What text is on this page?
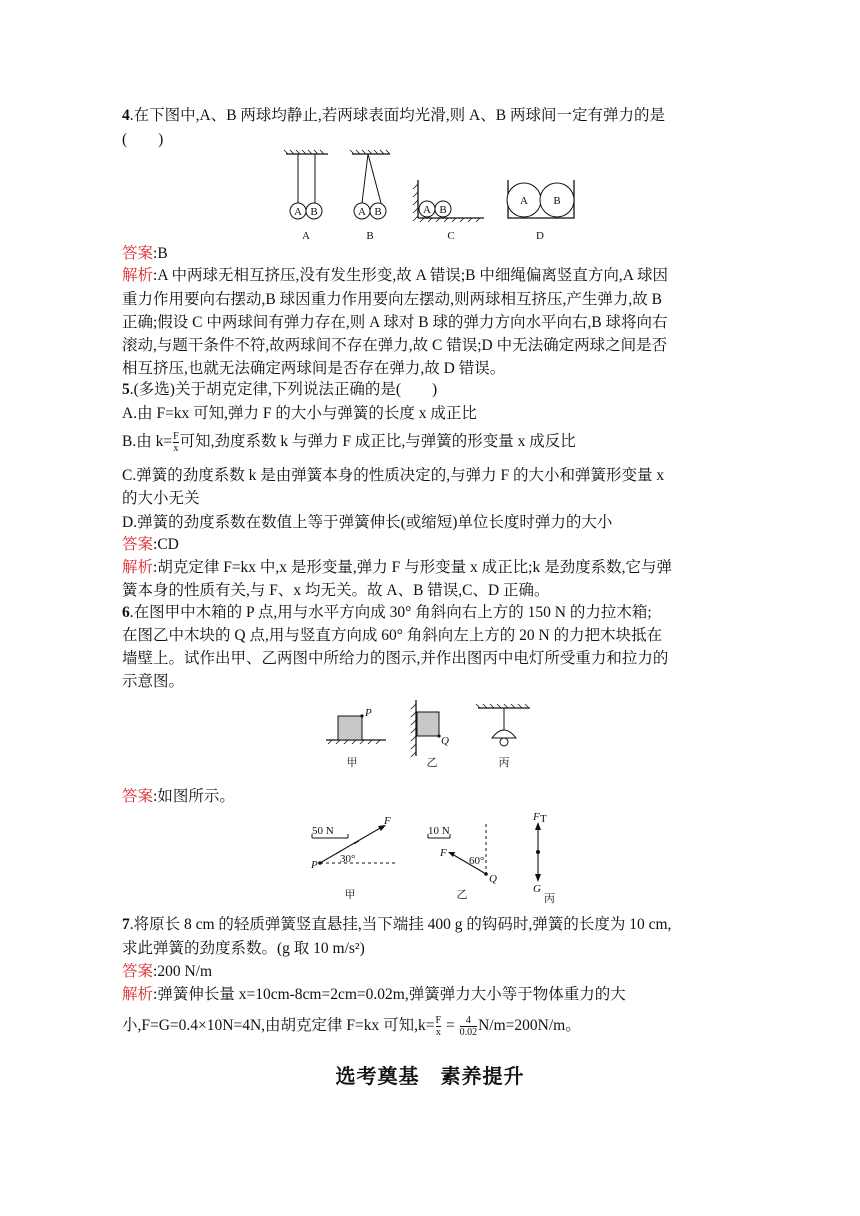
4.在下图中,A、B 两球均静止,若两球表面均光滑,则 A、B 两球间一定有弹力的是
(　　)
A B
A
A B
B
A B
C
A B
D
答案:B
解析:A 中两球无相互挤压,没有发生形变,故 A 错误;B 中细绳偏离竖直方向,A 球因
重力作用要向右摆动,B 球因重力作用要向左摆动,则两球相互挤压,产生弹力,故 B
正确;假设 C 中两球间有弹力存在,则 A 球对 B 球的弹力方向水平向右,B 球将向右
滚动,与题干条件不符,故两球间不存在弹力,故 C 错误;D 中无法确定两球之间是否
相互挤压,也就无法确定两球间是否存在弹力,故 D 错误。
5.(多选)关于胡克定律,下列说法正确的是(　　)
A.由 F=kx 可知,弹力 F 的大小与弹簧的长度 x 成正比
B.由 $k= \frac{F}{x}$ 可知,劲度系数 k 与弹力 F 成正比,与弹簧的形变量 x 成反比
C.弹簧的劲度系数 k 是由弹簧本身的性质决定的,与弹力 F 的大小和弹簧形变量 x
的大小无关
D.弹簧的劲度系数在数值上等于弹簧伸长(或缩短)单位长度时弹力的大小
答案:CD
解析:胡克定律 F=kx 中,x 是形变量,弹力 F 与形变量 x 成正比;k 是劲度系数,它与弹
簧本身的性质有关,与 F、x 均无关。故 A、B 错误,C、D 正确。
6.在图甲中木箱的 P 点,用与水平方向成 30° 角斜向右上方的 150 N 的力拉木箱;
在图乙中木块的 Q 点,用与竖直方向成 60° 角斜向左上方的 20 N 的力把木块抵在
墙壁上。试作出甲、乙两图中所给力的图示,并作出图丙中电灯所受重力和拉力的
示意图。
P
甲
Q
乙	丙
答案:如图所示。
50 N
P
F
30°
甲
10 N
F
60°
Q
乙
F T
G
丙
7.将原长 8 cm 的轻质弹簧竖直悬挂,当下端挂 400 g 的钩码时,弹簧的长度为 10 cm,
求此弹簧的劲度系数。(g 取 10 m/s²)
答案:200 N/m
解析:弹簧伸长量 x=10cm-8cm=2cm=0.02m,弹簧弹力大小等于物体重力的大
小,F=G=0.4×10N=4N,由胡克定律 F=kx 可知$,k= \frac{F}{x} = \frac{4}{0.02} N/m=200N/m$。
选考奠基　素养提升
